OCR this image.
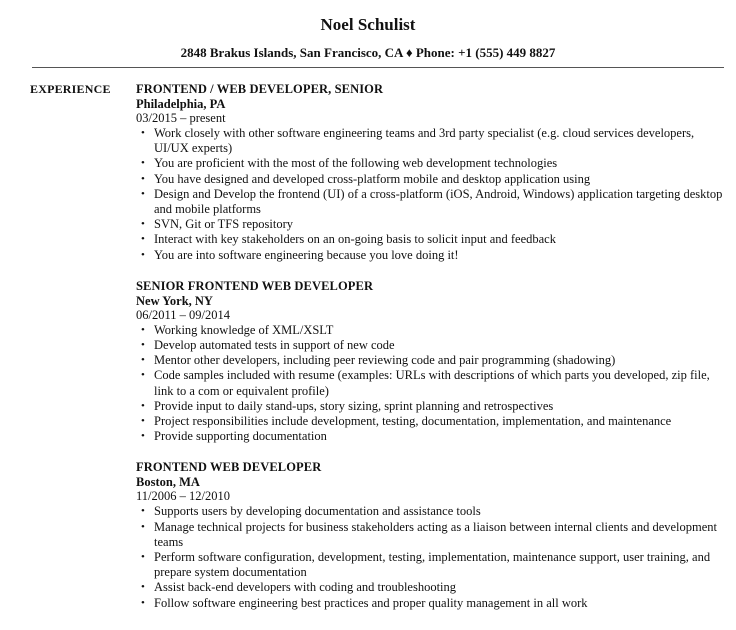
Noel Schulist
2848 Brakus Islands, San Francisco, CA ♦ Phone: +1 (555) 449 8827
EXPERIENCE FRONTEND / WEB DEVELOPER, SENIOR
Philadelphia, PA
03/2015 – present
• Work closely with other software engineering teams and 3rd party specialist (e.g. cloud services developers, UI/UX experts)
• You are proficient with the most of the following web development technologies
• You have designed and developed cross-platform mobile and desktop application using
• Design and Develop the frontend (UI) of a cross-platform (iOS, Android, Windows) application targeting desktop and mobile platforms
• SVN, Git or TFS repository
• Interact with key stakeholders on an on-going basis to solicit input and feedback
• You are into software engineering because you love doing it!
SENIOR FRONTEND WEB DEVELOPER
New York, NY
06/2011 – 09/2014
• Working knowledge of XML/XSLT
• Develop automated tests in support of new code
• Mentor other developers, including peer reviewing code and pair programming (shadowing)
• Code samples included with resume (examples: URLs with descriptions of which parts you developed, zip file, link to a com or equivalent profile)
• Provide input to daily stand-ups, story sizing, sprint planning and retrospectives
• Project responsibilities include development, testing, documentation, implementation, and maintenance
• Provide supporting documentation
FRONTEND WEB DEVELOPER
Boston, MA
11/2006 – 12/2010
• Supports users by developing documentation and assistance tools
• Manage technical projects for business stakeholders acting as a liaison between internal clients and development teams
• Perform software configuration, development, testing, implementation, maintenance support, user training, and prepare system documentation
• Assist back-end developers with coding and troubleshooting
• Follow software engineering best practices and proper quality management in all work
